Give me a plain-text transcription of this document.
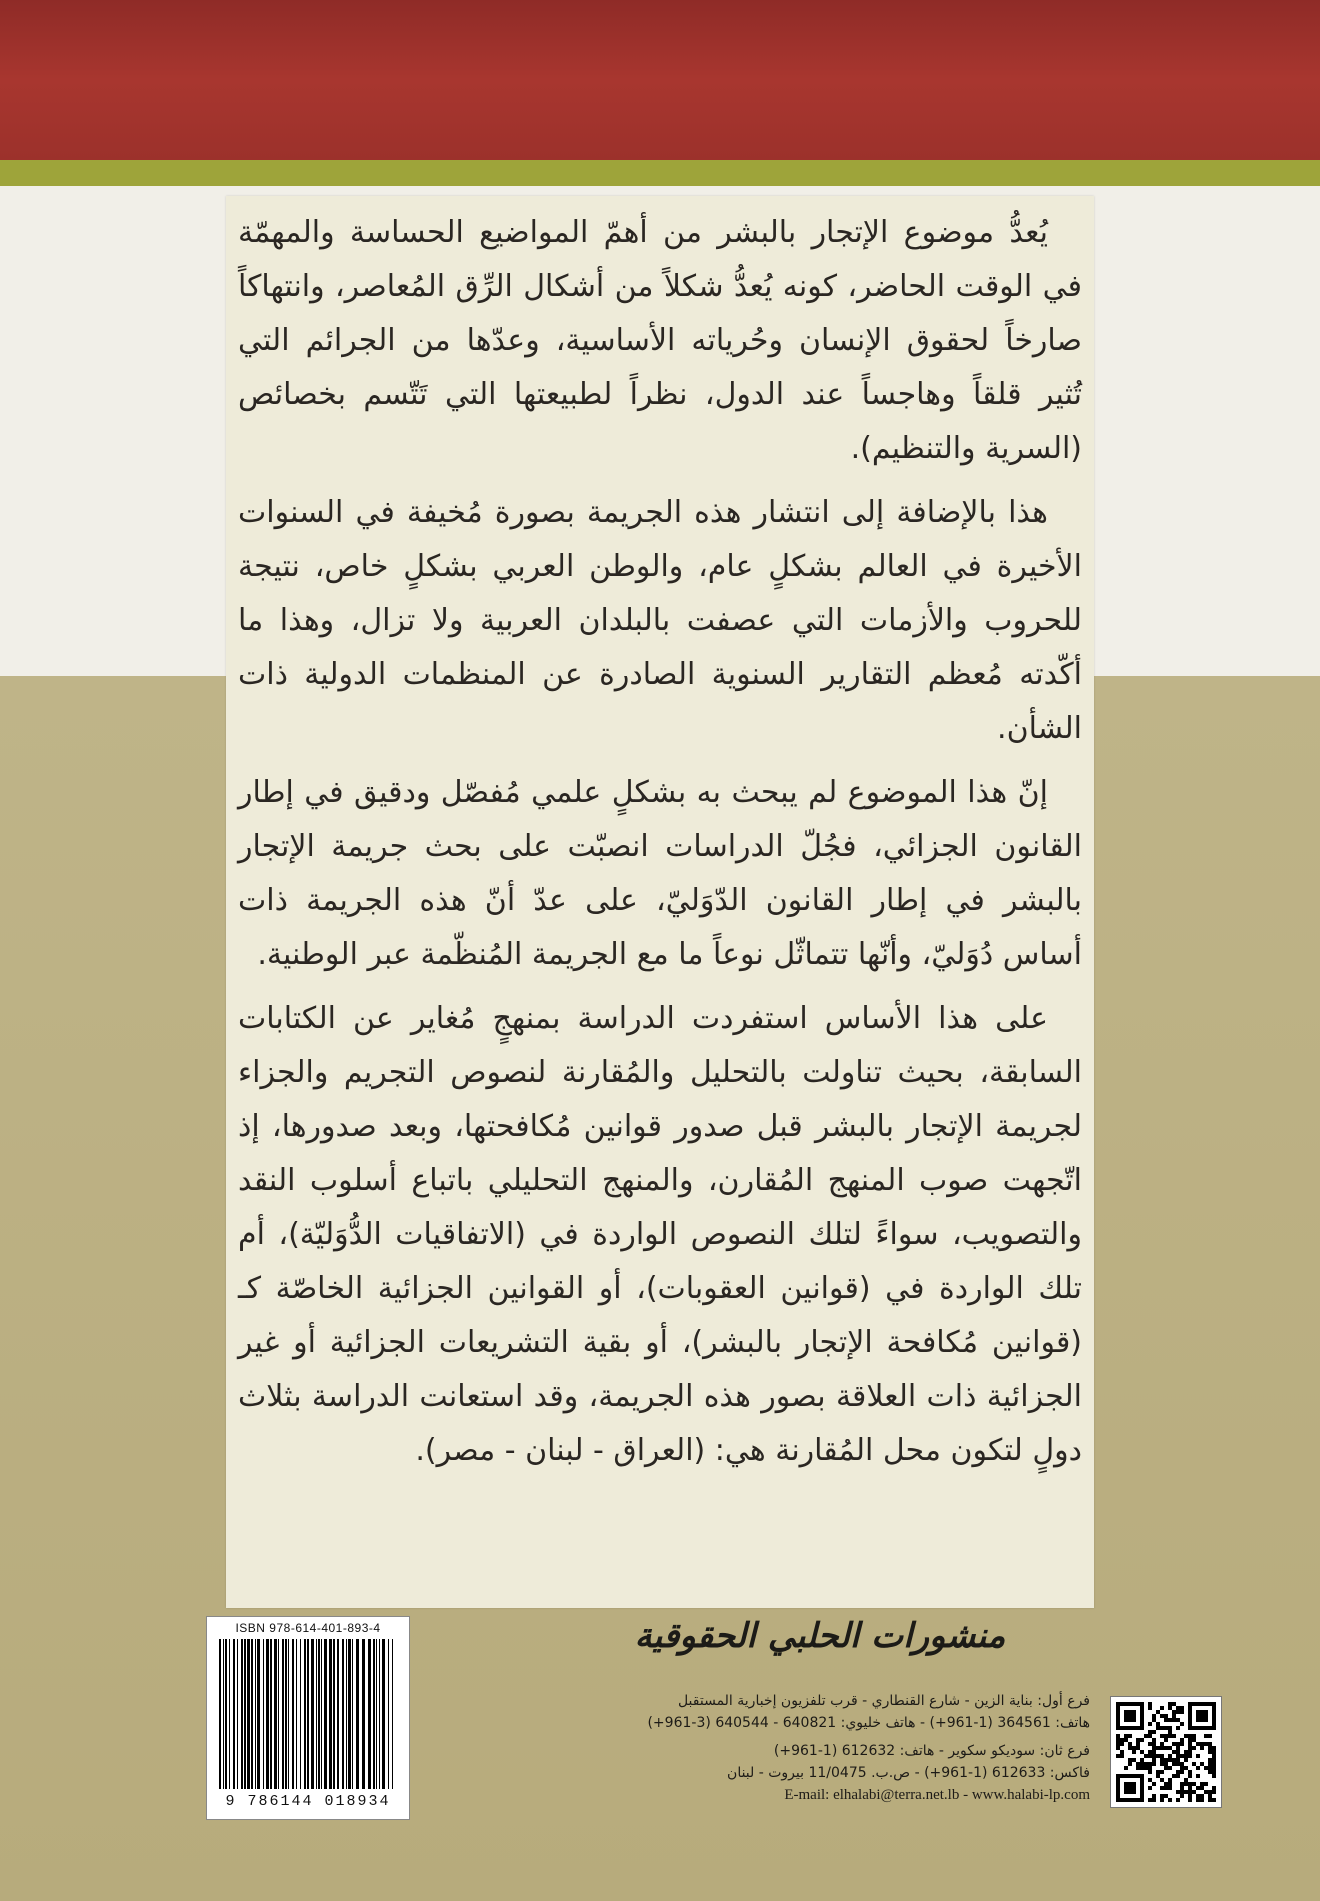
يُعدُّ موضوع الإتجار بالبشر من أهمّ المواضيع الحساسة والمهمّة في الوقت الحاضر، كونه يُعدُّ شكلاً من أشكال الرِّق المُعاصر، وانتهاكاً صارخاً لحقوق الإنسان وحُرياته الأساسية، وعدّها من الجرائم التي تُثير قلقاً وهاجساً عند الدول، نظراً لطبيعتها التي تَتّسم بخصائص (السرية والتنظيم).

هذا بالإضافة إلى انتشار هذه الجريمة بصورة مُخيفة في السنوات الأخيرة في العالم بشكلٍ عام، والوطن العربي بشكلٍ خاص، نتيجة للحروب والأزمات التي عصفت بالبلدان العربية ولا تزال، وهذا ما أكّدته مُعظم التقارير السنوية الصادرة عن المنظمات الدولية ذات الشأن.

إنّ هذا الموضوع لم يبحث به بشكلٍ علمي مُفصّل ودقيق في إطار القانون الجزائي، فجُلّ الدراسات انصبّت على بحث جريمة الإتجار بالبشر في إطار القانون الدّوَليّ، على عدّ أنّ هذه الجريمة ذات أساس دُوَليّ، وأنّها تتماثّل نوعاً ما مع الجريمة المُنظّمة عبر الوطنية.

على هذا الأساس استفردت الدراسة بمنهجٍ مُغاير عن الكتابات السابقة، بحيث تناولت بالتحليل والمُقارنة لنصوص التجريم والجزاء لجريمة الإتجار بالبشر قبل صدور قوانين مُكافحتها، وبعد صدورها، إذ اتّجهت صوب المنهج المُقارن، والمنهج التحليلي باتباع أسلوب النقد والتصويب، سواءً لتلك النصوص الواردة في (الاتفاقيات الدُّوَليّة)، أم تلك الواردة في (قوانين العقوبات)، أو القوانين الجزائية الخاصّة كـ (قوانين مُكافحة الإتجار بالبشر)، أو بقية التشريعات الجزائية أو غير الجزائية ذات العلاقة بصور هذه الجريمة، وقد استعانت الدراسة بثلاث دولٍ لتكون محل المُقارنة هي: (العراق - لبنان - مصر).

ISBN 978-614-401-893-4
9 786144 018934
منشورات الحلبي الحقوقية
فرع أول: بناية الزين - شارع القنطاري - قرب تلفزيون إخبارية المستقبل
هاتف: 364561 (1-961+) - هاتف خليوي: 640821 - 640544 (3-961+)
فرع ثان: سوديكو سكوير - هاتف: 612632 (1-961+)
فاكس: 612633 (1-961+) - ص.ب. 11/0475 بيروت - لبنان
E-mail: elhalabi@terra.net.lb - www.halabi-lp.com
